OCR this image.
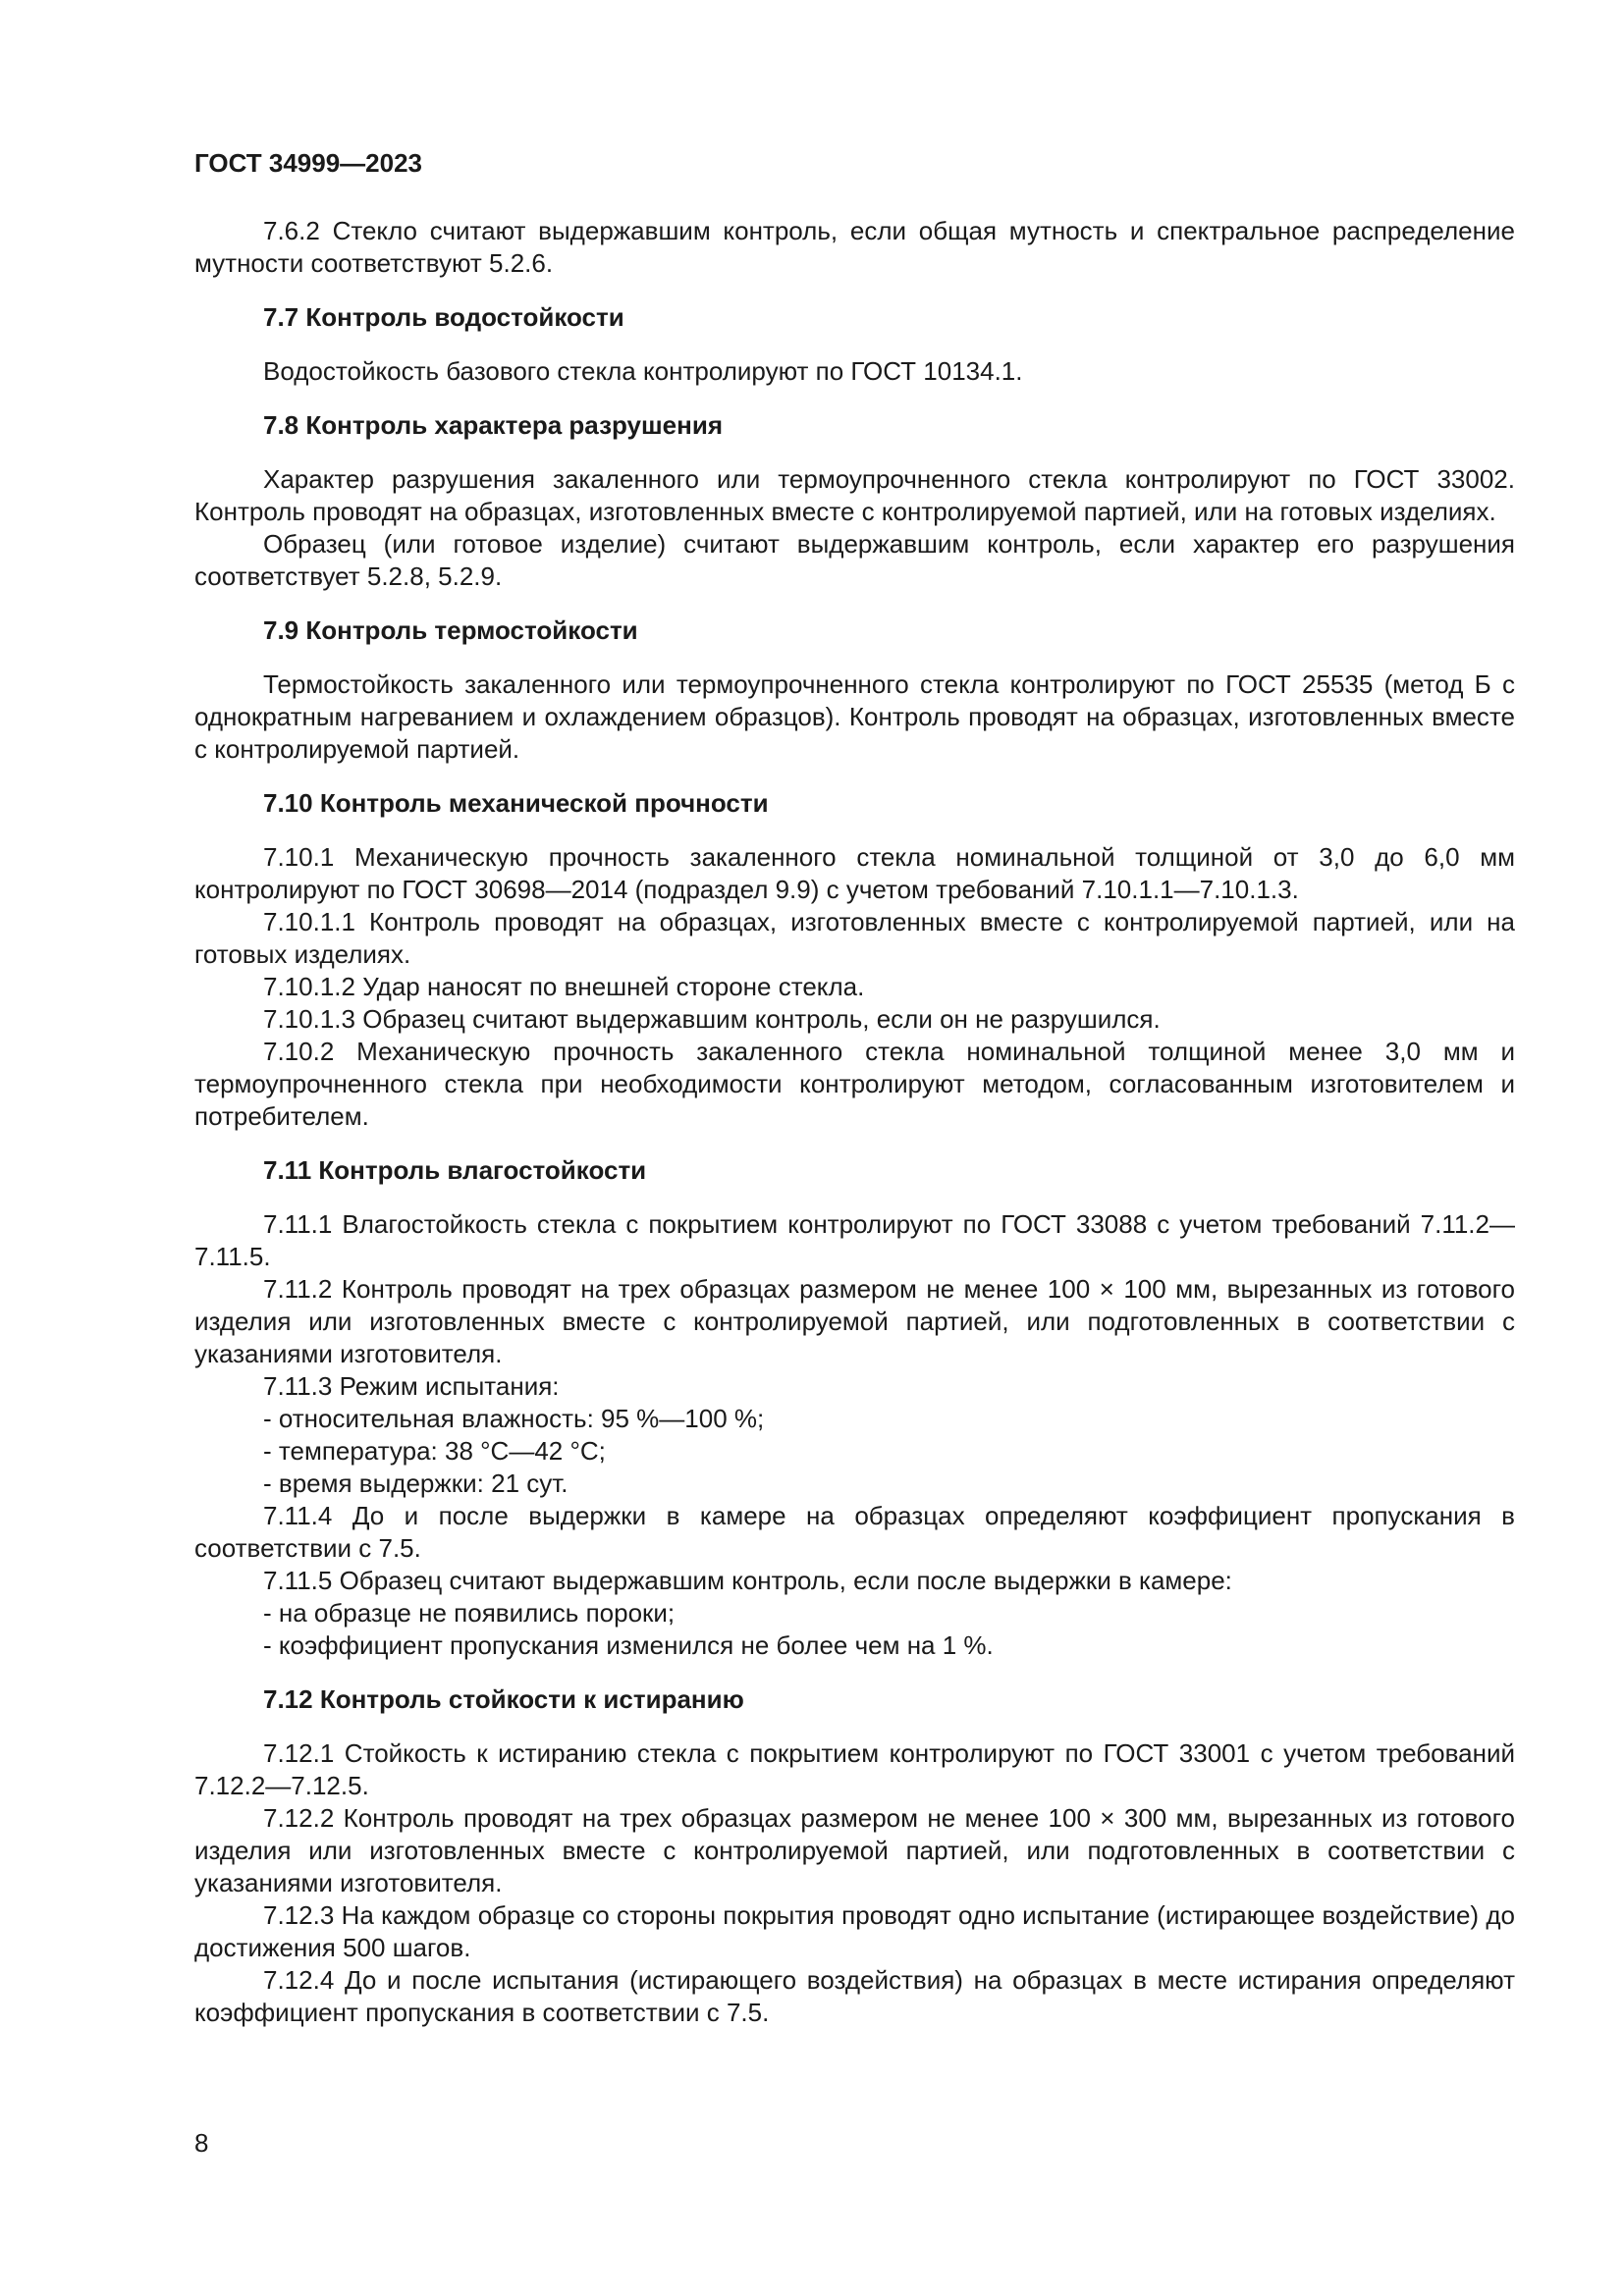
ГОСТ 34999—2023

7.6.2 Стекло считают выдержавшим контроль, если общая мутность и спектральное распределение мутности соответствуют 5.2.6.

7.7 Контроль водостойкости

Водостойкость базового стекла контролируют по ГОСТ 10134.1.

7.8 Контроль характера разрушения

Характер разрушения закаленного или термоупрочненного стекла контролируют по ГОСТ 33002. Контроль проводят на образцах, изготовленных вместе с контролируемой партией, или на готовых изделиях.

Образец (или готовое изделие) считают выдержавшим контроль, если характер его разрушения соответствует 5.2.8, 5.2.9.

7.9 Контроль термостойкости

Термостойкость закаленного или термоупрочненного стекла контролируют по ГОСТ 25535 (метод Б с однократным нагреванием и охлаждением образцов). Контроль проводят на образцах, изготовленных вместе с контролируемой партией.

7.10 Контроль механической прочности

7.10.1 Механическую прочность закаленного стекла номинальной толщиной от 3,0 до 6,0 мм контролируют по ГОСТ 30698—2014 (подраздел 9.9) с учетом требований 7.10.1.1—7.10.1.3.

7.10.1.1 Контроль проводят на образцах, изготовленных вместе с контролируемой партией, или на готовых изделиях.

7.10.1.2 Удар наносят по внешней стороне стекла.

7.10.1.3 Образец считают выдержавшим контроль, если он не разрушился.

7.10.2 Механическую прочность закаленного стекла номинальной толщиной менее 3,0 мм и термоупрочненного стекла при необходимости контролируют методом, согласованным изготовителем и потребителем.

7.11 Контроль влагостойкости

7.11.1 Влагостойкость стекла с покрытием контролируют по ГОСТ 33088 с учетом требований 7.11.2—7.11.5.

7.11.2 Контроль проводят на трех образцах размером не менее 100 × 100 мм, вырезанных из готового изделия или изготовленных вместе с контролируемой партией, или подготовленных в соответствии с указаниями изготовителя.

7.11.3 Режим испытания:

- относительная влажность: 95 %—100 %;

- температура: 38 °C—42 °C;

- время выдержки: 21 сут.

7.11.4 До и после выдержки в камере на образцах определяют коэффициент пропускания в соответствии с 7.5.

7.11.5 Образец считают выдержавшим контроль, если после выдержки в камере:

- на образце не появились пороки;

- коэффициент пропускания изменился не более чем на 1 %.

7.12 Контроль стойкости к истиранию

7.12.1 Стойкость к истиранию стекла с покрытием контролируют по ГОСТ 33001 с учетом требований 7.12.2—7.12.5.

7.12.2 Контроль проводят на трех образцах размером не менее 100 × 300 мм, вырезанных из готового изделия или изготовленных вместе с контролируемой партией, или подготовленных в соответствии с указаниями изготовителя.

7.12.3 На каждом образце со стороны покрытия проводят одно испытание (истирающее воздействие) до достижения 500 шагов.

7.12.4 До и после испытания (истирающего воздействия) на образцах в месте истирания определяют коэффициент пропускания в соответствии с 7.5.

8
